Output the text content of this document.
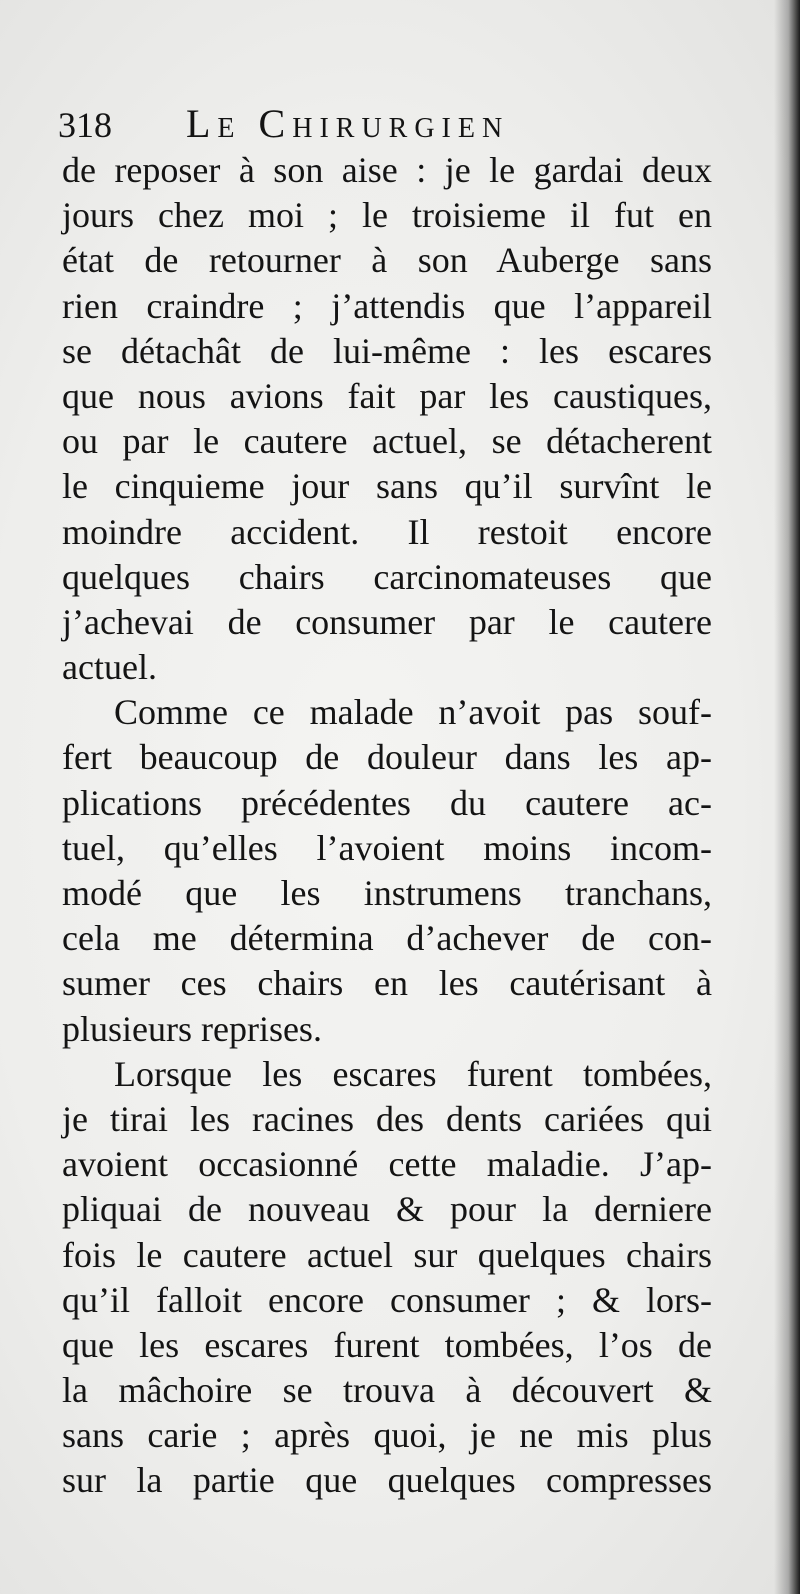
318 Le Chirurgien
de reposer à son aise : je le gardai deux
jours chez moi ; le troisieme il fut en
état de retourner à son Auberge sans
rien craindre ; j’attendis que l’appareil
se détachât de lui-même : les escares
que nous avions fait par les caustiques,
ou par le cautere actuel, se détacherent
le cinquieme jour sans qu’il survînt le
moindre accident. Il restoit encore
quelques chairs carcinomateuses que
j’achevai de consumer par le cautere
actuel.
Comme ce malade n’avoit pas souf-
fert beaucoup de douleur dans les ap-
plications précédentes du cautere ac-
tuel, qu’elles l’avoient moins incom-
modé que les instrumens tranchans,
cela me détermina d’achever de con-
sumer ces chairs en les cautérisant à
plusieurs reprises.
Lorsque les escares furent tombées,
je tirai les racines des dents cariées qui
avoient occasionné cette maladie. J’ap-
pliquai de nouveau & pour la derniere
fois le cautere actuel sur quelques chairs
qu’il falloit encore consumer ; & lors-
que les escares furent tombées, l’os de
la mâchoire se trouva à découvert &
sans carie ; après quoi, je ne mis plus
sur la partie que quelques compresses
